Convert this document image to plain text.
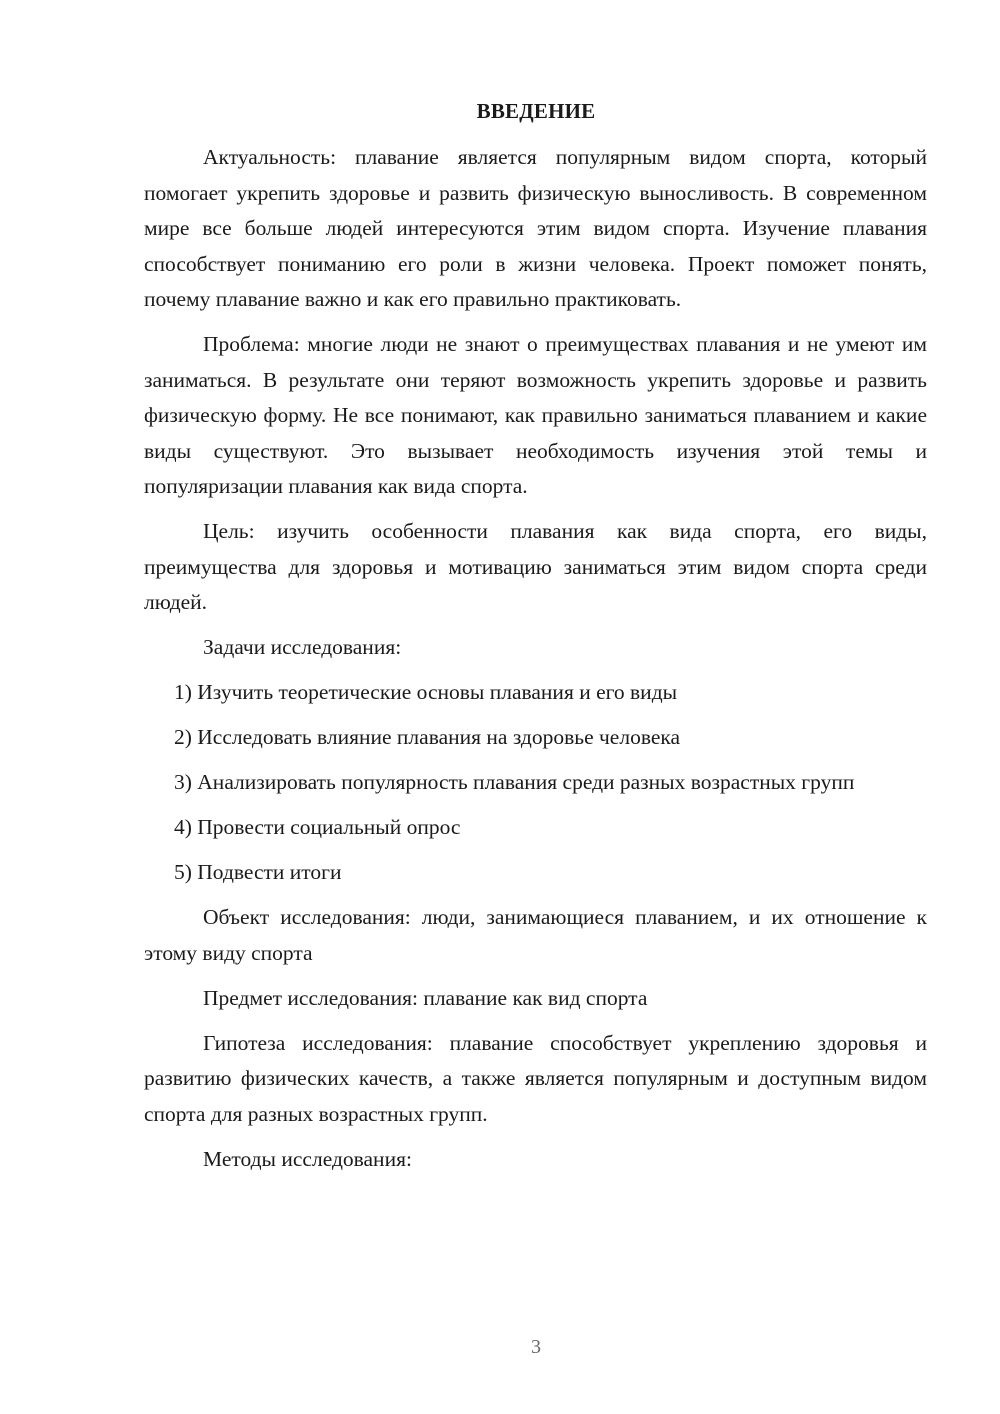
ВВЕДЕНИЕ

Актуальность: плавание является популярным видом спорта, который помогает укрепить здоровье и развить физическую выносливость. В современном мире все больше людей интересуются этим видом спорта. Изучение плавания способствует пониманию его роли в жизни человека. Проект поможет понять, почему плавание важно и как его правильно практиковать.

Проблема: многие люди не знают о преимуществах плавания и не умеют им заниматься. В результате они теряют возможность укрепить здоровье и развить физическую форму. Не все понимают, как правильно заниматься плаванием и какие виды существуют. Это вызывает необходимость изучения этой темы и популяризации плавания как вида спорта.

Цель: изучить особенности плавания как вида спорта, его виды, преимущества для здоровья и мотивацию заниматься этим видом спорта среди людей.

Задачи исследования:

1) Изучить теоретические основы плавания и его виды

2) Исследовать влияние плавания на здоровье человека

3) Анализировать популярность плавания среди разных возрастных групп

4) Провести социальный опрос

5) Подвести итоги

Объект исследования: люди, занимающиеся плаванием, и их отношение к этому виду спорта

Предмет исследования: плавание как вид спорта

Гипотеза исследования: плавание способствует укреплению здоровья и развитию физических качеств, а также является популярным и доступным видом спорта для разных возрастных групп.

Методы исследования:

3
